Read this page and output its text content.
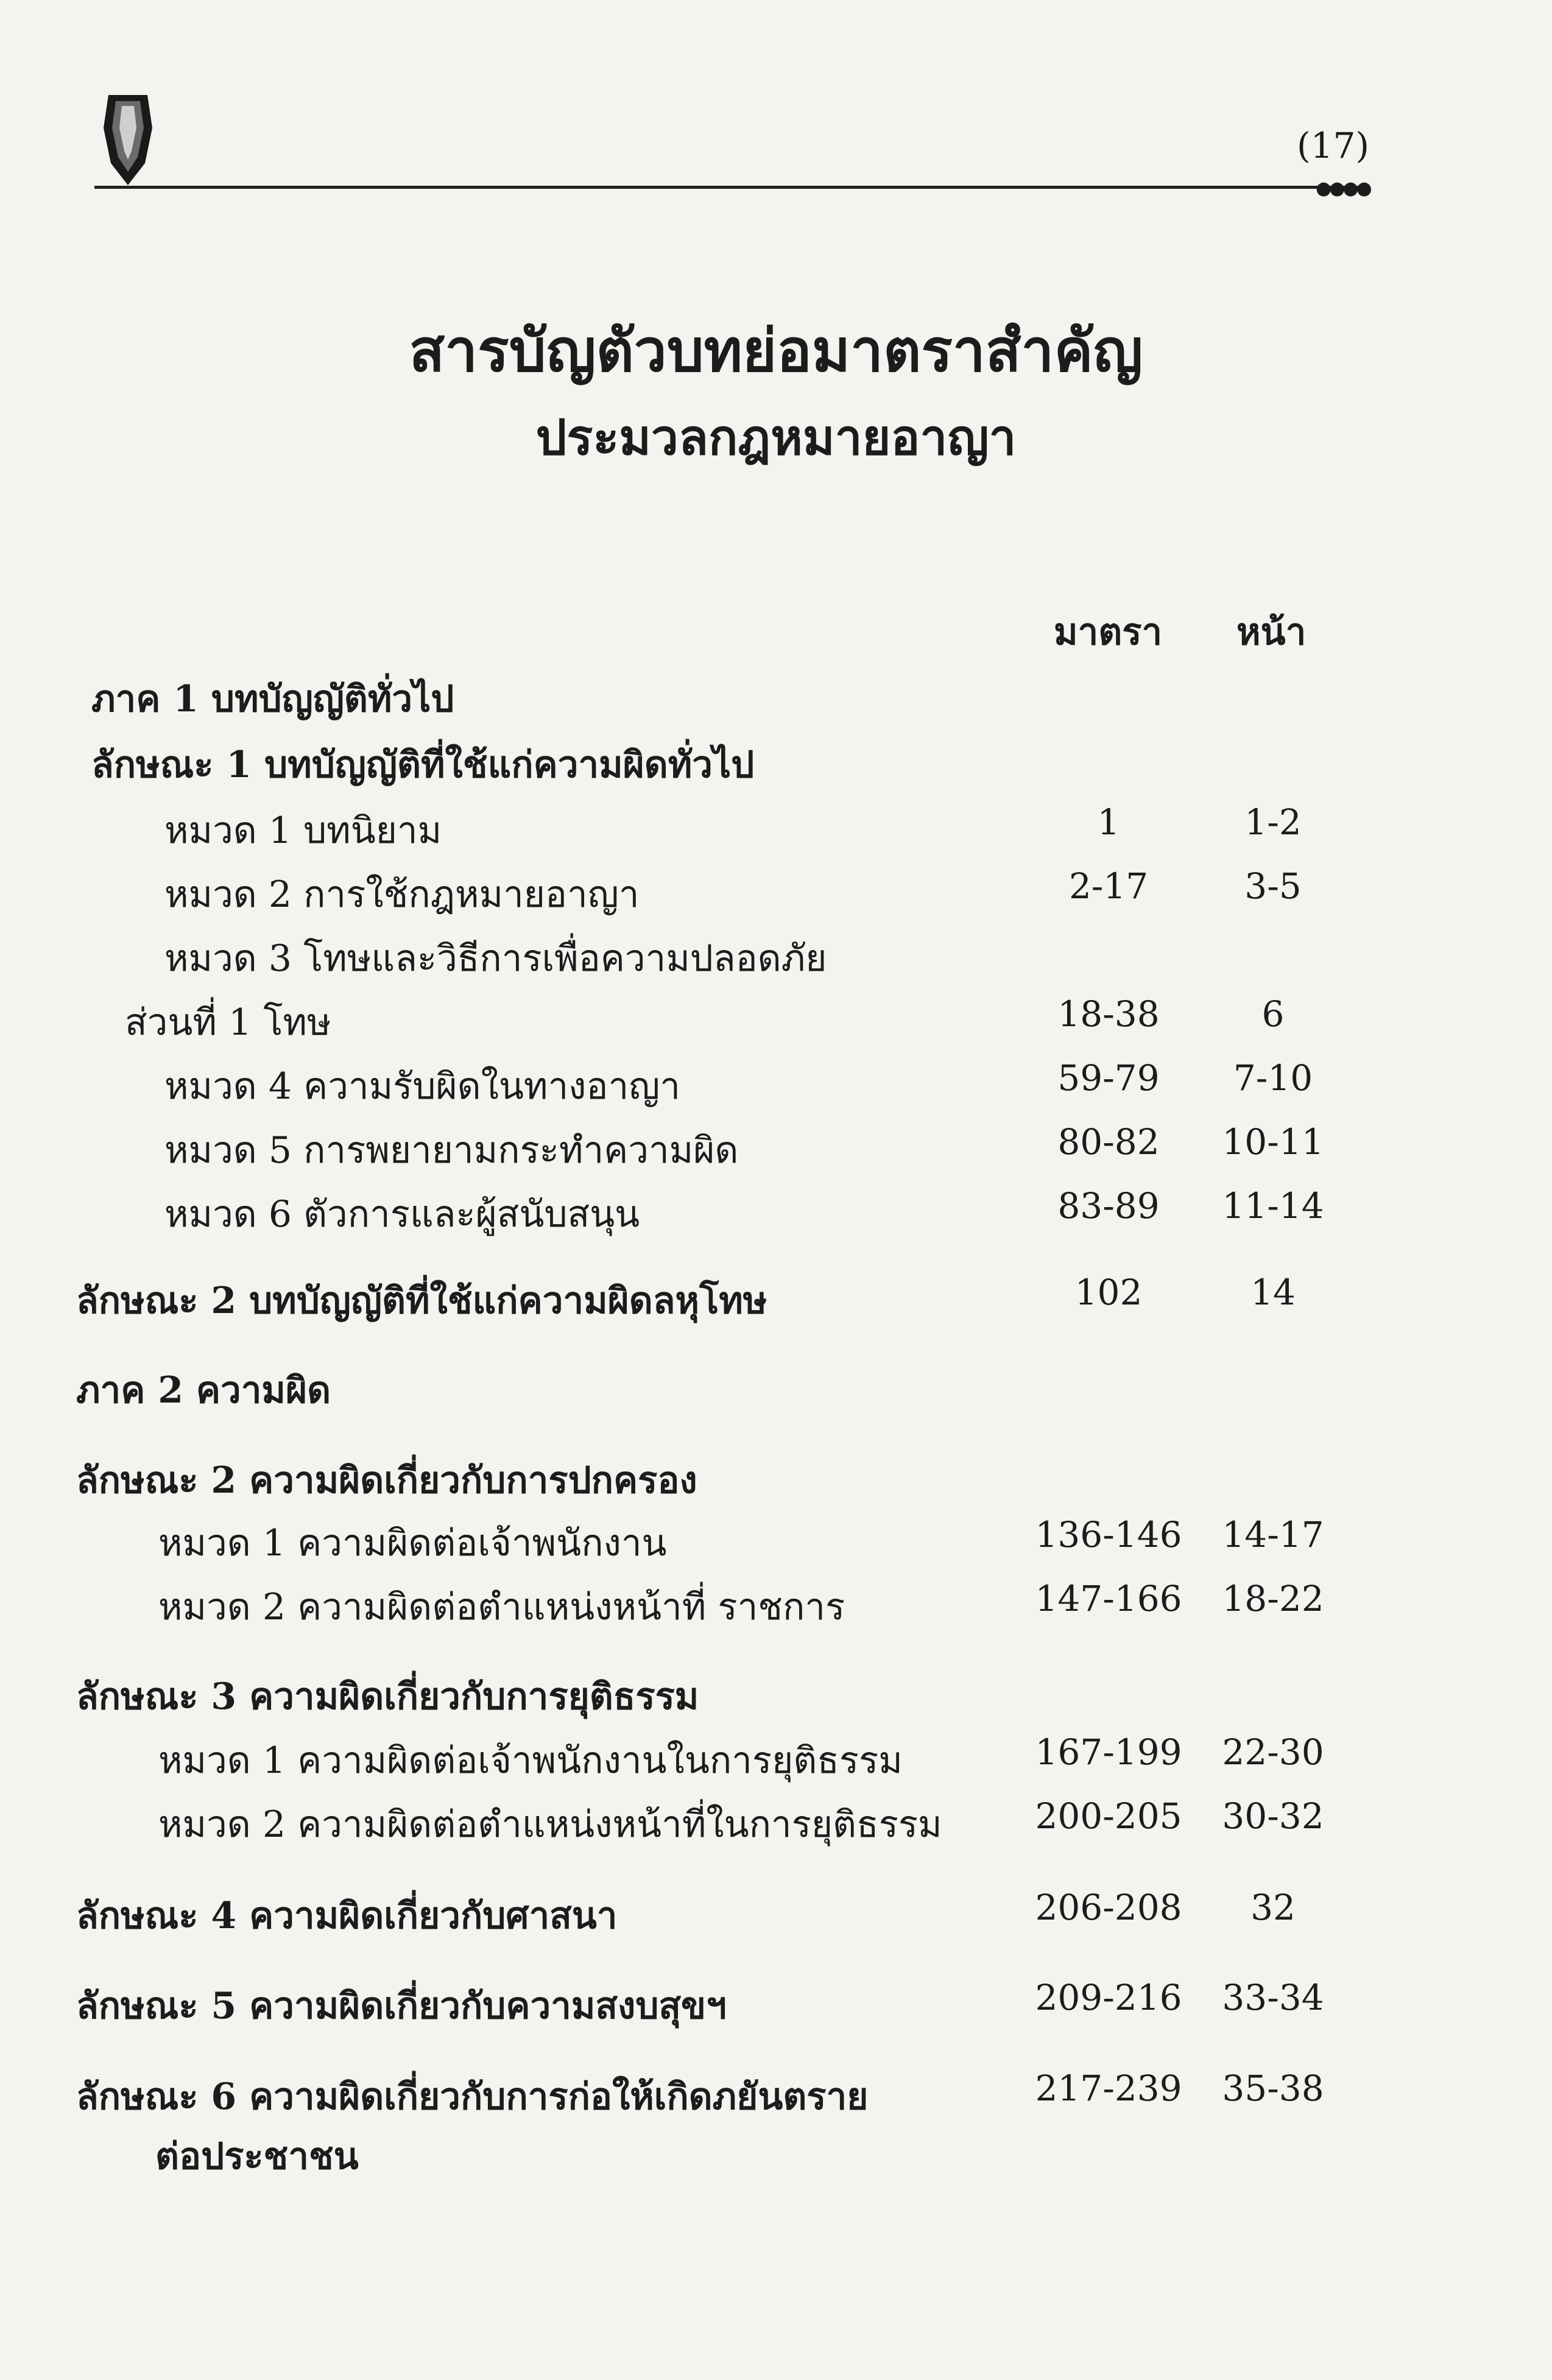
(17)
●●●●
สารบัญตัวบทย่อมาตราสำคัญ
ประมวลกฎหมายอาญา
มาตรา หน้า
ภาค 1 บทบัญญัติทั่วไป
ลักษณะ 1 บทบัญญัติที่ใช้แก่ความผิดทั่วไป
หมวด 1 บทนิยาม	1	1-2
หมวด 2 การใช้กฎหมายอาญา	2-17	3-5
หมวด 3 โทษและวิธีการเพื่อความปลอดภัย
ส่วนที่ 1 โทษ	18-38	6
หมวด 4 ความรับผิดในทางอาญา	59-79	7-10
หมวด 5 การพยายามกระทำความผิด	80-82	10-11
หมวด 6 ตัวการและผู้สนับสนุน	83-89	11-14
ลักษณะ 2 บทบัญญัติที่ใช้แก่ความผิดลหุโทษ	102	14
ภาค 2 ความผิด
ลักษณะ 2 ความผิดเกี่ยวกับการปกครอง
หมวด 1 ความผิดต่อเจ้าพนักงาน	136-146	14-17
หมวด 2 ความผิดต่อตำแหน่งหน้าที่ ราชการ	147-166	18-22
ลักษณะ 3 ความผิดเกี่ยวกับการยุติธรรม
หมวด 1 ความผิดต่อเจ้าพนักงานในการยุติธรรม	167-199	22-30
หมวด 2 ความผิดต่อตำแหน่งหน้าที่ในการยุติธรรม	200-205	30-32
ลักษณะ 4 ความผิดเกี่ยวกับศาสนา	206-208	32
ลักษณะ 5 ความผิดเกี่ยวกับความสงบสุขฯ	209-216	33-34
ลักษณะ 6 ความผิดเกี่ยวกับการก่อให้เกิดภยันตราย	217-239	35-38
ต่อประชาชน
